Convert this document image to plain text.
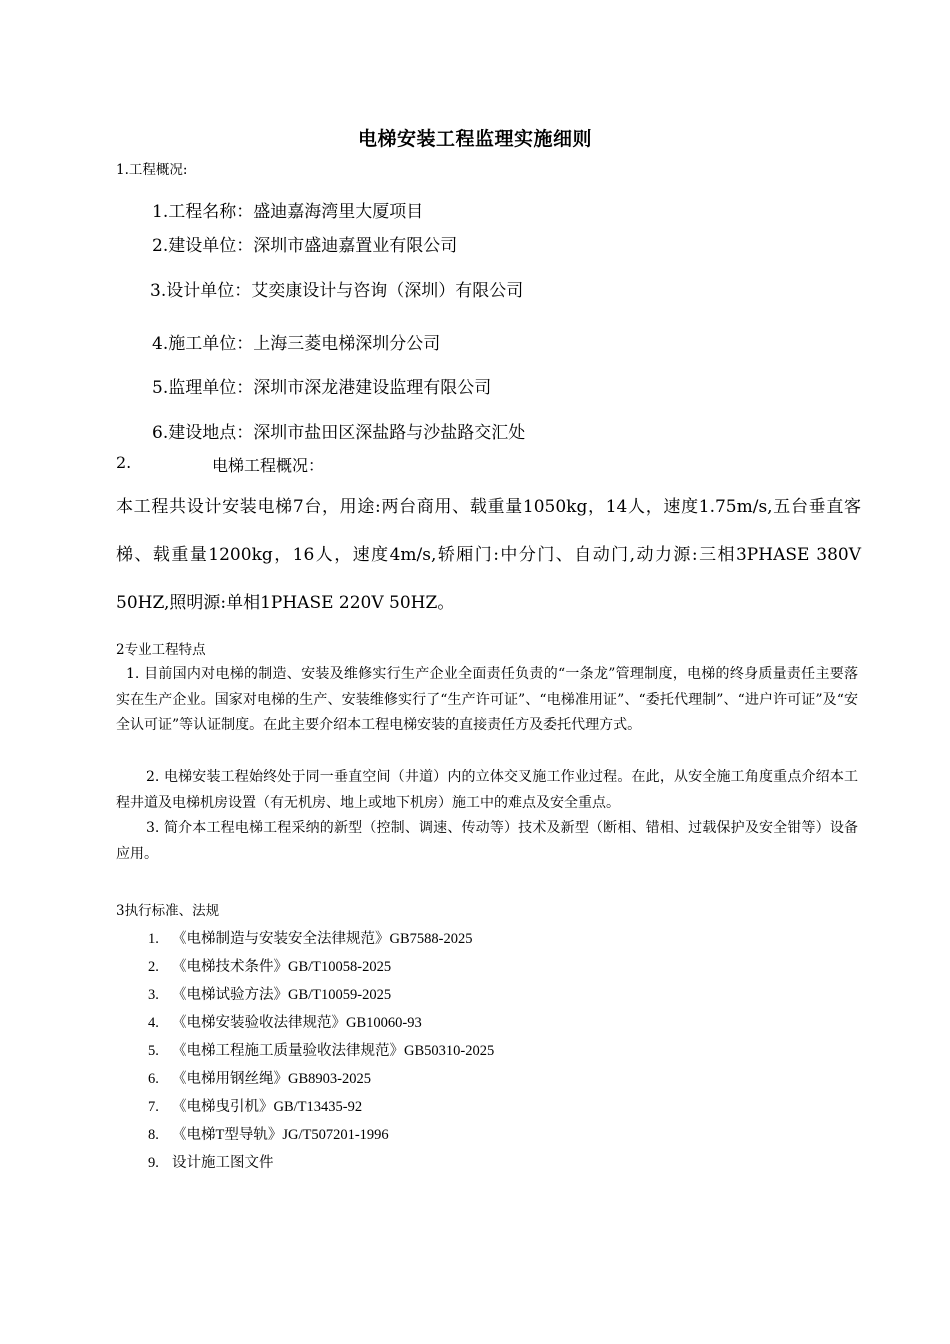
电梯安装工程监理实施细则
1.工程概况:
1.工程名称：盛迪嘉海湾里大厦项目
2.建设单位：深圳市盛迪嘉置业有限公司
3.设计单位：艾奕康设计与咨询（深圳）有限公司
4.施工单位：上海三菱电梯深圳分公司
5.监理单位：深圳市深龙港建设监理有限公司
6.建设地点：深圳市盐田区深盐路与沙盐路交汇处
2.	电梯工程概况：
本工程共设计安装电梯7台，用途:两台商用、载重量1050kg，14人，速度1.75m/s,五台垂直客梯、载重量1200kg，16人，速度4m/s,轿厢门:中分门、自动门,动力源:三相3PHASE 380V 50HZ,照明源:单相1PHASE 220V 50HZ。
2专业工程特点
1. 目前国内对电梯的制造、安装及维修实行生产企业全面责任负责的“一条龙”管理制度，电梯的终身质量责任主要落实在生产企业。国家对电梯的生产、安装维修实行了“生产许可证”、“电梯准用证”、“委托代理制”、“进户许可证”及“安全认可证”等认证制度。在此主要介绍本工程电梯安装的直接责任方及委托代理方式。
2. 电梯安装工程始终处于同一垂直空间（井道）内的立体交叉施工作业过程。在此，从安全施工角度重点介绍本工程井道及电梯机房设置（有无机房、地上或地下机房）施工中的难点及安全重点。
3. 简介本工程电梯工程采纳的新型（控制、调速、传动等）技术及新型（断相、错相、过载保护及安全钳等）设备应用。
3执行标准、法规
1. 《电梯制造与安装安全法律规范》GB7588-2025
2. 《电梯技术条件》GB/T10058-2025
3. 《电梯试验方法》GB/T10059-2025
4. 《电梯安装验收法律规范》GB10060-93
5. 《电梯工程施工质量验收法律规范》GB50310-2025
6. 《电梯用钢丝绳》GB8903-2025
7. 《电梯曳引机》GB/T13435-92
8. 《电梯T型导轨》JG/T507201-1996
9. 设计施工图文件
